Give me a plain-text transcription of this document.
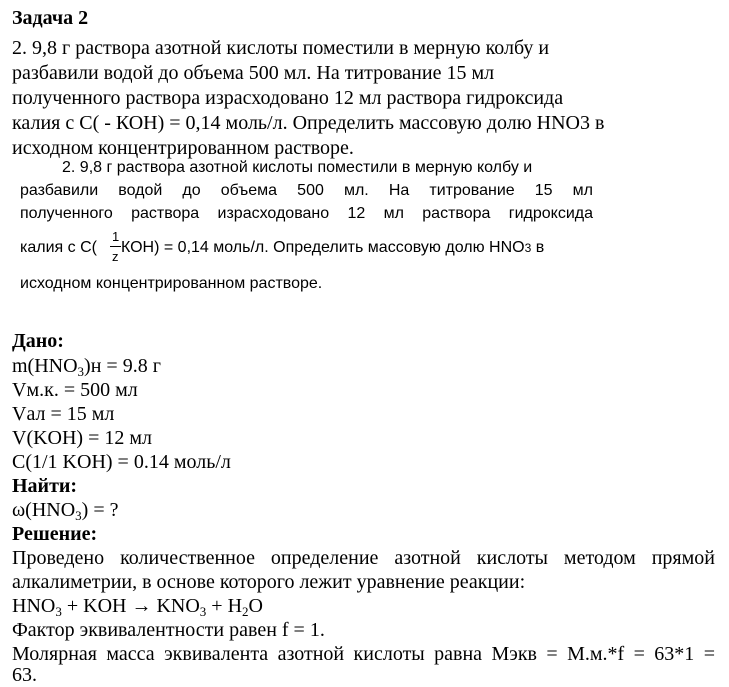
Задача 2
2. 9,8 г раствора азотной кислоты поместили в мерную колбу и
разбавили водой до объема 500 мл. На титрование 15 мл
полученного раствора израсходовано 12 мл раствора гидроксида
калия с С( - КОН) = 0,14 моль/л. Определить массовую долю HNO3 в
исходном концентрированном растворе.
2. 9,8 г раствора азотной кислоты поместили в мерную колбу и
разбавили водой до объема 500 мл. На титрование 15 мл
полученного раствора израсходовано 12 мл раствора гидроксида
калия с С( КОН) = 0,14 моль/л. Определить массовую долю HNO3 в
1
z
исходном концентрированном растворе.
Дано:
$m(HNO_3)н = 9.8$ г
Vм.к. = 500 мл
Vал = 15 мл
V(KOH) = 12 мл
C(1/1 KOH) = 0.14 моль/л
Найти:
$\omega(HNO_3)$ = ?
Решение:
Проведено количественное определение азотной кислоты методом прямой
алкалиметрии, в основе которого лежит уравнение реакции:
$HNO_3$ + KOH → $KNO_3 + H_2O$
Фактор эквивалентности равен f = 1.
Молярная масса эквивалента азотной кислоты равна Mэкв = M.м.*f = 63*1 =
63.
